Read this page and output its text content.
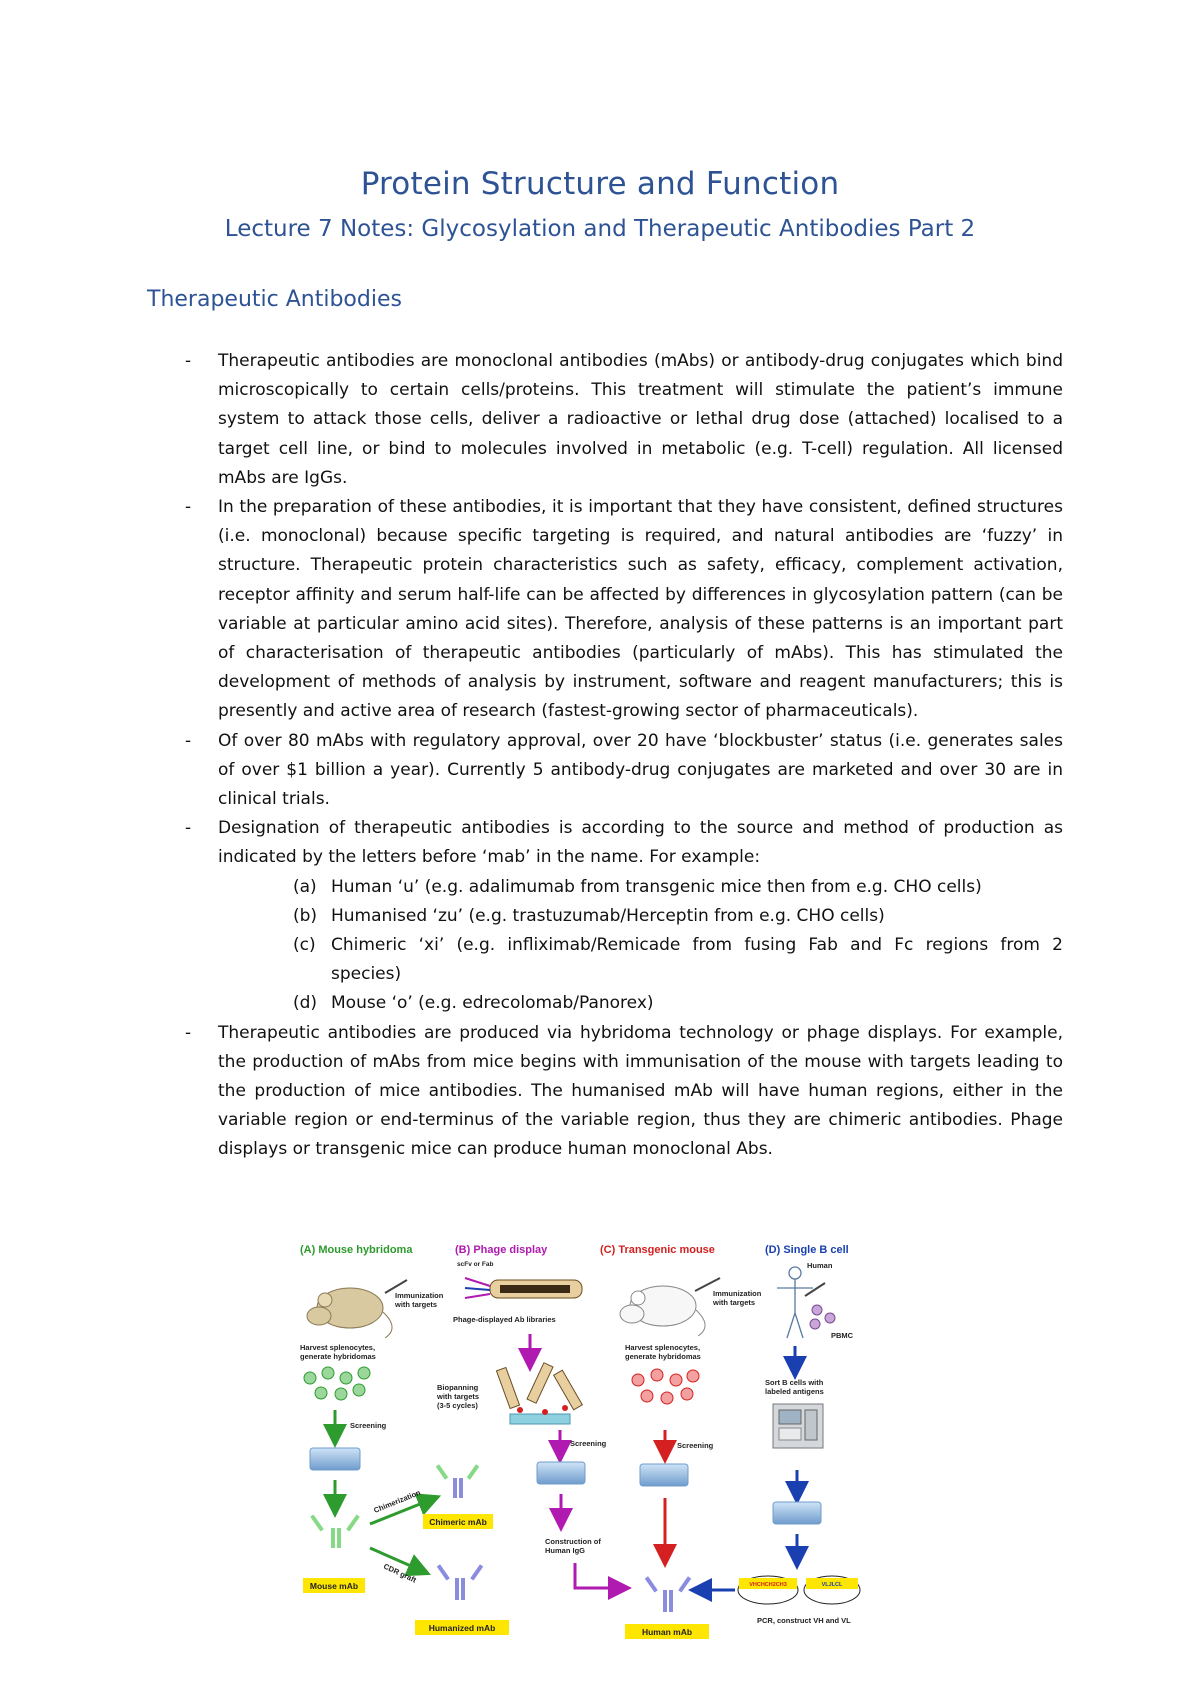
Protein Structure and Function
Lecture 7 Notes: Glycosylation and Therapeutic Antibodies Part 2
Therapeutic Antibodies
- Therapeutic antibodies are monoclonal antibodies (mAbs) or antibody-drug conjugates which bind microscopically to certain cells/proteins. This treatment will stimulate the patient’s immune system to attack those cells, deliver a radioactive or lethal drug dose (attached) localised to a target cell line, or bind to molecules involved in metabolic (e.g. T-cell) regulation. All licensed mAbs are IgGs.
- In the preparation of these antibodies, it is important that they have consistent, defined structures (i.e. monoclonal) because specific targeting is required, and natural antibodies are ‘fuzzy’ in structure. Therapeutic protein characteristics such as safety, efficacy, complement activation, receptor affinity and serum half-life can be affected by differences in glycosylation pattern (can be variable at particular amino acid sites). Therefore, analysis of these patterns is an important part of characterisation of therapeutic antibodies (particularly of mAbs). This has stimulated the development of methods of analysis by instrument, software and reagent manufacturers; this is presently and active area of research (fastest-growing sector of pharmaceuticals).
- Of over 80 mAbs with regulatory approval, over 20 have ‘blockbuster’ status (i.e. generates sales of over $1 billion a year). Currently 5 antibody-drug conjugates are marketed and over 30 are in clinical trials.
- Designation of therapeutic antibodies is according to the source and method of production as indicated by the letters before ‘mab’ in the name. For example:
(a) Human ‘u’ (e.g. adalimumab from transgenic mice then from e.g. CHO cells)
(b) Humanised ‘zu’ (e.g. trastuzumab/Herceptin from e.g. CHO cells)
(c) Chimeric ‘xi’ (e.g. infliximab/Remicade from fusing Fab and Fc regions from 2 species)
(d) Mouse ‘o’ (e.g. edrecolomab/Panorex)
- Therapeutic antibodies are produced via hybridoma technology or phage displays. For example, the production of mAbs from mice begins with immunisation of the mouse with targets leading to the production of mice antibodies. The humanised mAb will have human regions, either in the variable region or end-terminus of the variable region, thus they are chimeric antibodies. Phage displays or transgenic mice can produce human monoclonal Abs.
(A) Mouse hybridoma	(B) Phage display	(C) Transgenic mouse	(D) Single B cell
Immunization
with targets
Harvest splenocytes,
generate hybridomas
Screening
Mouse mAb
Chimerization
CDR graft
Chimeric mAb
Humanized mAb
scFv or Fab
Phage-displayed Ab libraries
Biopanning
with targets
(3-5 cycles)
Screening
Construction of
Human IgG
Immunization
with targets
Harvest splenocytes,
generate hybridomas
Screening
Human mAb
Human
PBMC
Sort B cells with
labeled antigens
VHCHCH2CH3	VLJLCL
PCR, construct VH and VL
